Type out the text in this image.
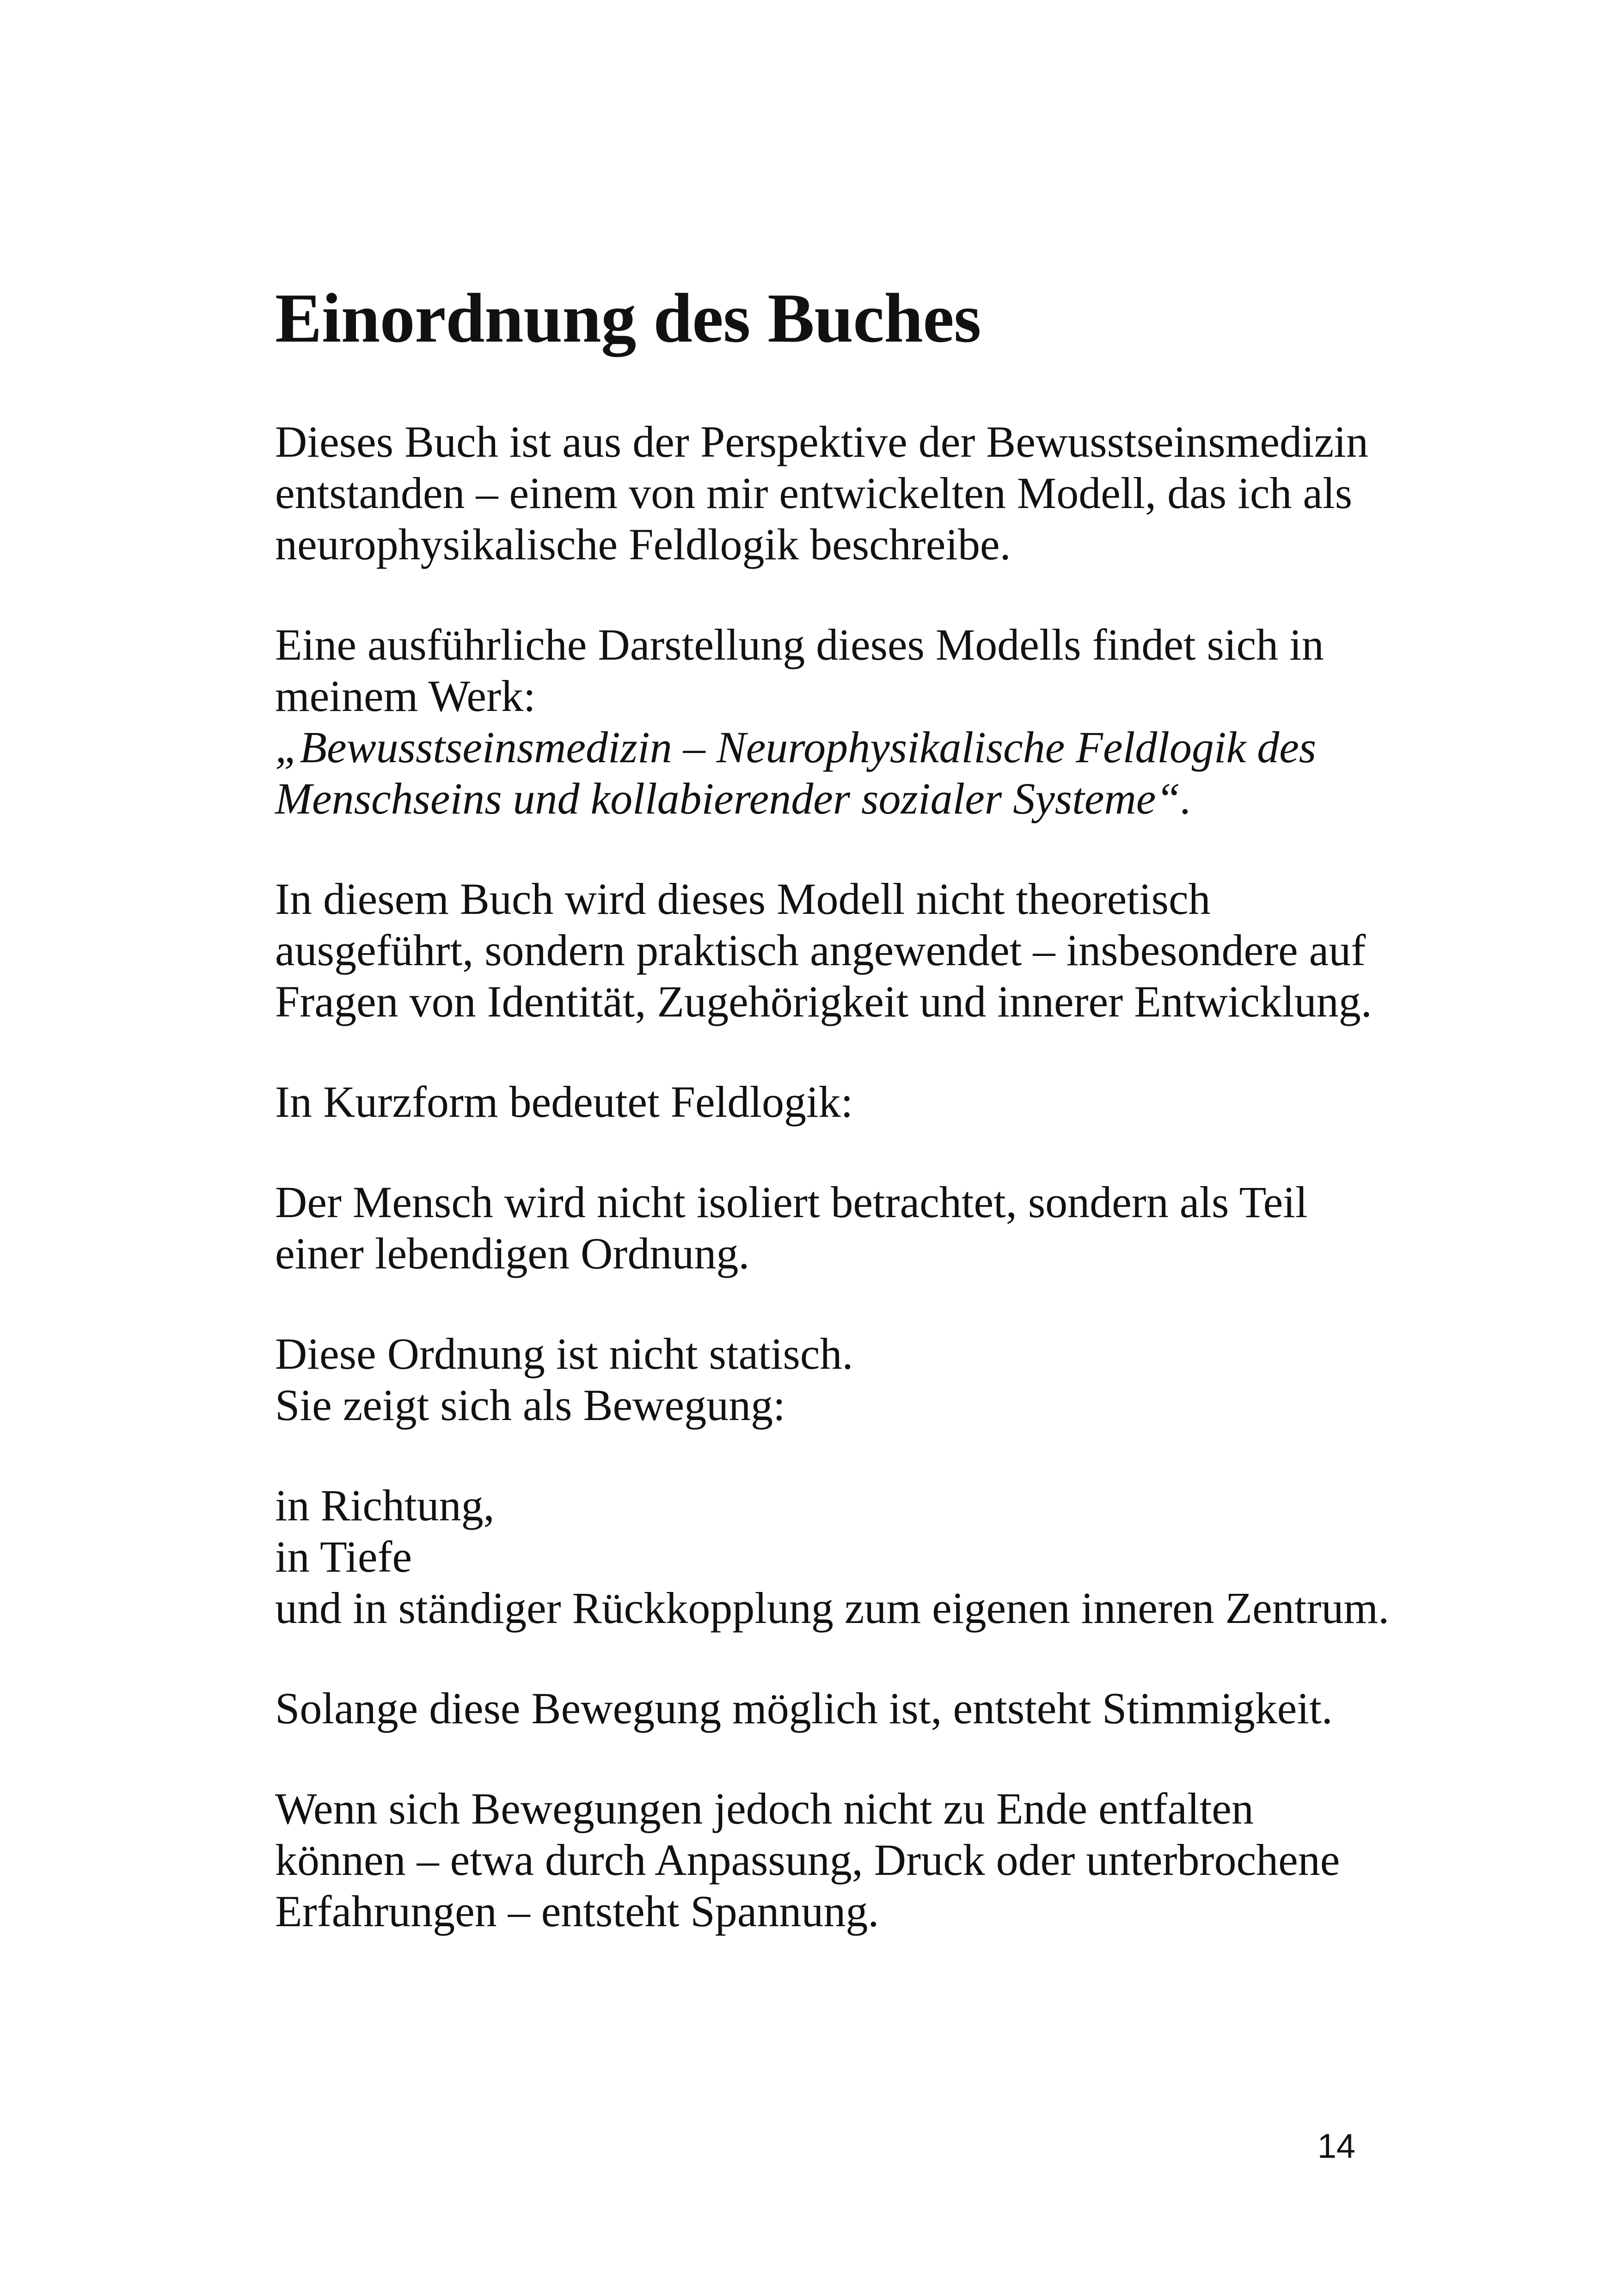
Einordnung des Buches

Dieses Buch ist aus der Perspektive der Bewusstseinsmedizin
entstanden – einem von mir entwickelten Modell, das ich als
neurophysikalische Feldlogik beschreibe.

Eine ausführliche Darstellung dieses Modells findet sich in
meinem Werk:
„Bewusstseinsmedizin – Neurophysikalische Feldlogik des
Menschseins und kollabierender sozialer Systeme“.

In diesem Buch wird dieses Modell nicht theoretisch
ausgeführt, sondern praktisch angewendet – insbesondere auf
Fragen von Identität, Zugehörigkeit und innerer Entwicklung.

In Kurzform bedeutet Feldlogik:

Der Mensch wird nicht isoliert betrachtet, sondern als Teil
einer lebendigen Ordnung.

Diese Ordnung ist nicht statisch.
Sie zeigt sich als Bewegung:

in Richtung,
in Tiefe
und in ständiger Rückkopplung zum eigenen inneren Zentrum.

Solange diese Bewegung möglich ist, entsteht Stimmigkeit.

Wenn sich Bewegungen jedoch nicht zu Ende entfalten
können – etwa durch Anpassung, Druck oder unterbrochene
Erfahrungen – entsteht Spannung.

14
